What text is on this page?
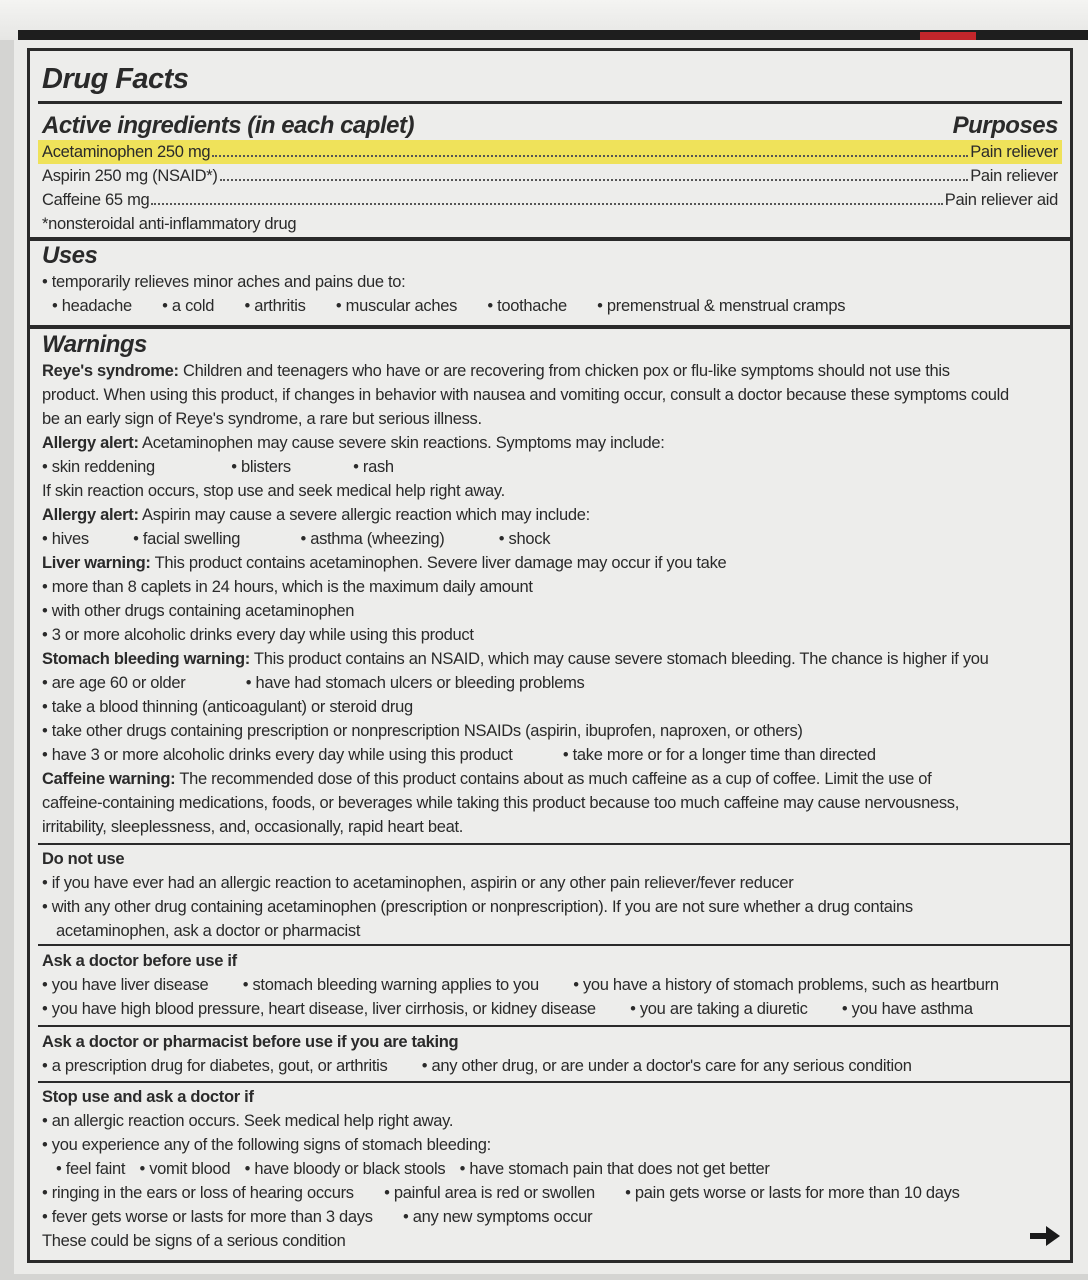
Drug Facts
Active ingredients (in each caplet)	Purposes
Acetaminophen 250 mg	Pain reliever
Aspirin 250 mg (NSAID*)	Pain reliever
Caffeine 65 mg	Pain reliever aid
*nonsteroidal anti-inflammatory drug
Uses
• temporarily relieves minor aches and pains due to:
• headache • a cold • arthritis • muscular aches • toothache • premenstrual & menstrual cramps
Warnings
Reye's syndrome: Children and teenagers who have or are recovering from chicken pox or flu-like symptoms should not use this
product. When using this product, if changes in behavior with nausea and vomiting occur, consult a doctor because these symptoms could
be an early sign of Reye's syndrome, a rare but serious illness.
Allergy alert: Acetaminophen may cause severe skin reactions. Symptoms may include:
• skin reddening	• blisters	• rash
If skin reaction occurs, stop use and seek medical help right away.
Allergy alert: Aspirin may cause a severe allergic reaction which may include:
• hives	• facial swelling	• asthma (wheezing)	• shock
Liver warning: This product contains acetaminophen. Severe liver damage may occur if you take
• more than 8 caplets in 24 hours, which is the maximum daily amount
• with other drugs containing acetaminophen
• 3 or more alcoholic drinks every day while using this product
Stomach bleeding warning: This product contains an NSAID, which may cause severe stomach bleeding. The chance is higher if you
• are age 60 or older	• have had stomach ulcers or bleeding problems
• take a blood thinning (anticoagulant) or steroid drug
• take other drugs containing prescription or nonprescription NSAIDs (aspirin, ibuprofen, naproxen, or others)
• have 3 or more alcoholic drinks every day while using this product	• take more or for a longer time than directed
Caffeine warning: The recommended dose of this product contains about as much caffeine as a cup of coffee. Limit the use of
caffeine-containing medications, foods, or beverages while taking this product because too much caffeine may cause nervousness,
irritability, sleeplessness, and, occasionally, rapid heart beat.
Do not use
• if you have ever had an allergic reaction to acetaminophen, aspirin or any other pain reliever/fever reducer
• with any other drug containing acetaminophen (prescription or nonprescription). If you are not sure whether a drug contains
acetaminophen, ask a doctor or pharmacist
Ask a doctor before use if
• you have liver disease • stomach bleeding warning applies to you • you have a history of stomach problems, such as heartburn
• you have high blood pressure, heart disease, liver cirrhosis, or kidney disease • you are taking a diuretic • you have asthma
Ask a doctor or pharmacist before use if you are taking
• a prescription drug for diabetes, gout, or arthritis • any other drug, or are under a doctor's care for any serious condition
Stop use and ask a doctor if
• an allergic reaction occurs. Seek medical help right away.
• you experience any of the following signs of stomach bleeding:
• feel faint • vomit blood • have bloody or black stools • have stomach pain that does not get better
• ringing in the ears or loss of hearing occurs • painful area is red or swollen • pain gets worse or lasts for more than 10 days
• fever gets worse or lasts for more than 3 days • any new symptoms occur
These could be signs of a serious condition
